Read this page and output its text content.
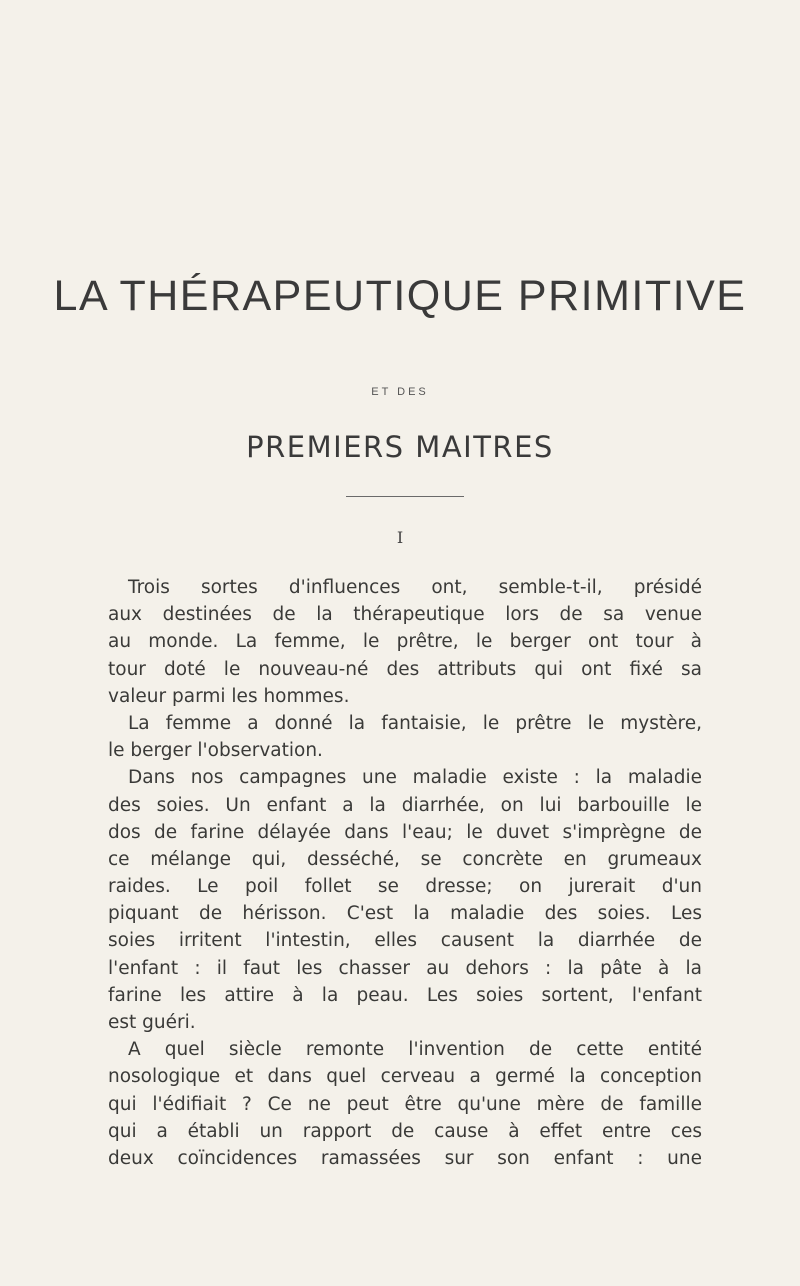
LA THÉRAPEUTIQUE PRIMITIVE
ET DES
PREMIERS MAITRES
I
Trois sortes d'influences ont, semble-t-il, présidé
aux destinées de la thérapeutique lors de sa venue
au monde. La femme, le prêtre, le berger ont tour à
tour doté le nouveau-né des attributs qui ont fixé sa
valeur parmi les hommes.
La femme a donné la fantaisie, le prêtre le mystère,
le berger l'observation.
Dans nos campagnes une maladie existe : la maladie
des soies. Un enfant a la diarrhée, on lui barbouille le
dos de farine délayée dans l'eau; le duvet s'imprègne de
ce mélange qui, desséché, se concrète en grumeaux
raides. Le poil follet se dresse; on jurerait d'un
piquant de hérisson. C'est la maladie des soies. Les
soies irritent l'intestin, elles causent la diarrhée de
l'enfant : il faut les chasser au dehors : la pâte à la
farine les attire à la peau. Les soies sortent, l'enfant
est guéri.
A quel siècle remonte l'invention de cette entité
nosologique et dans quel cerveau a germé la conception
qui l'édifiait ? Ce ne peut être qu'une mère de famille
qui a établi un rapport de cause à effet entre ces
deux coïncidences ramassées sur son enfant : une
